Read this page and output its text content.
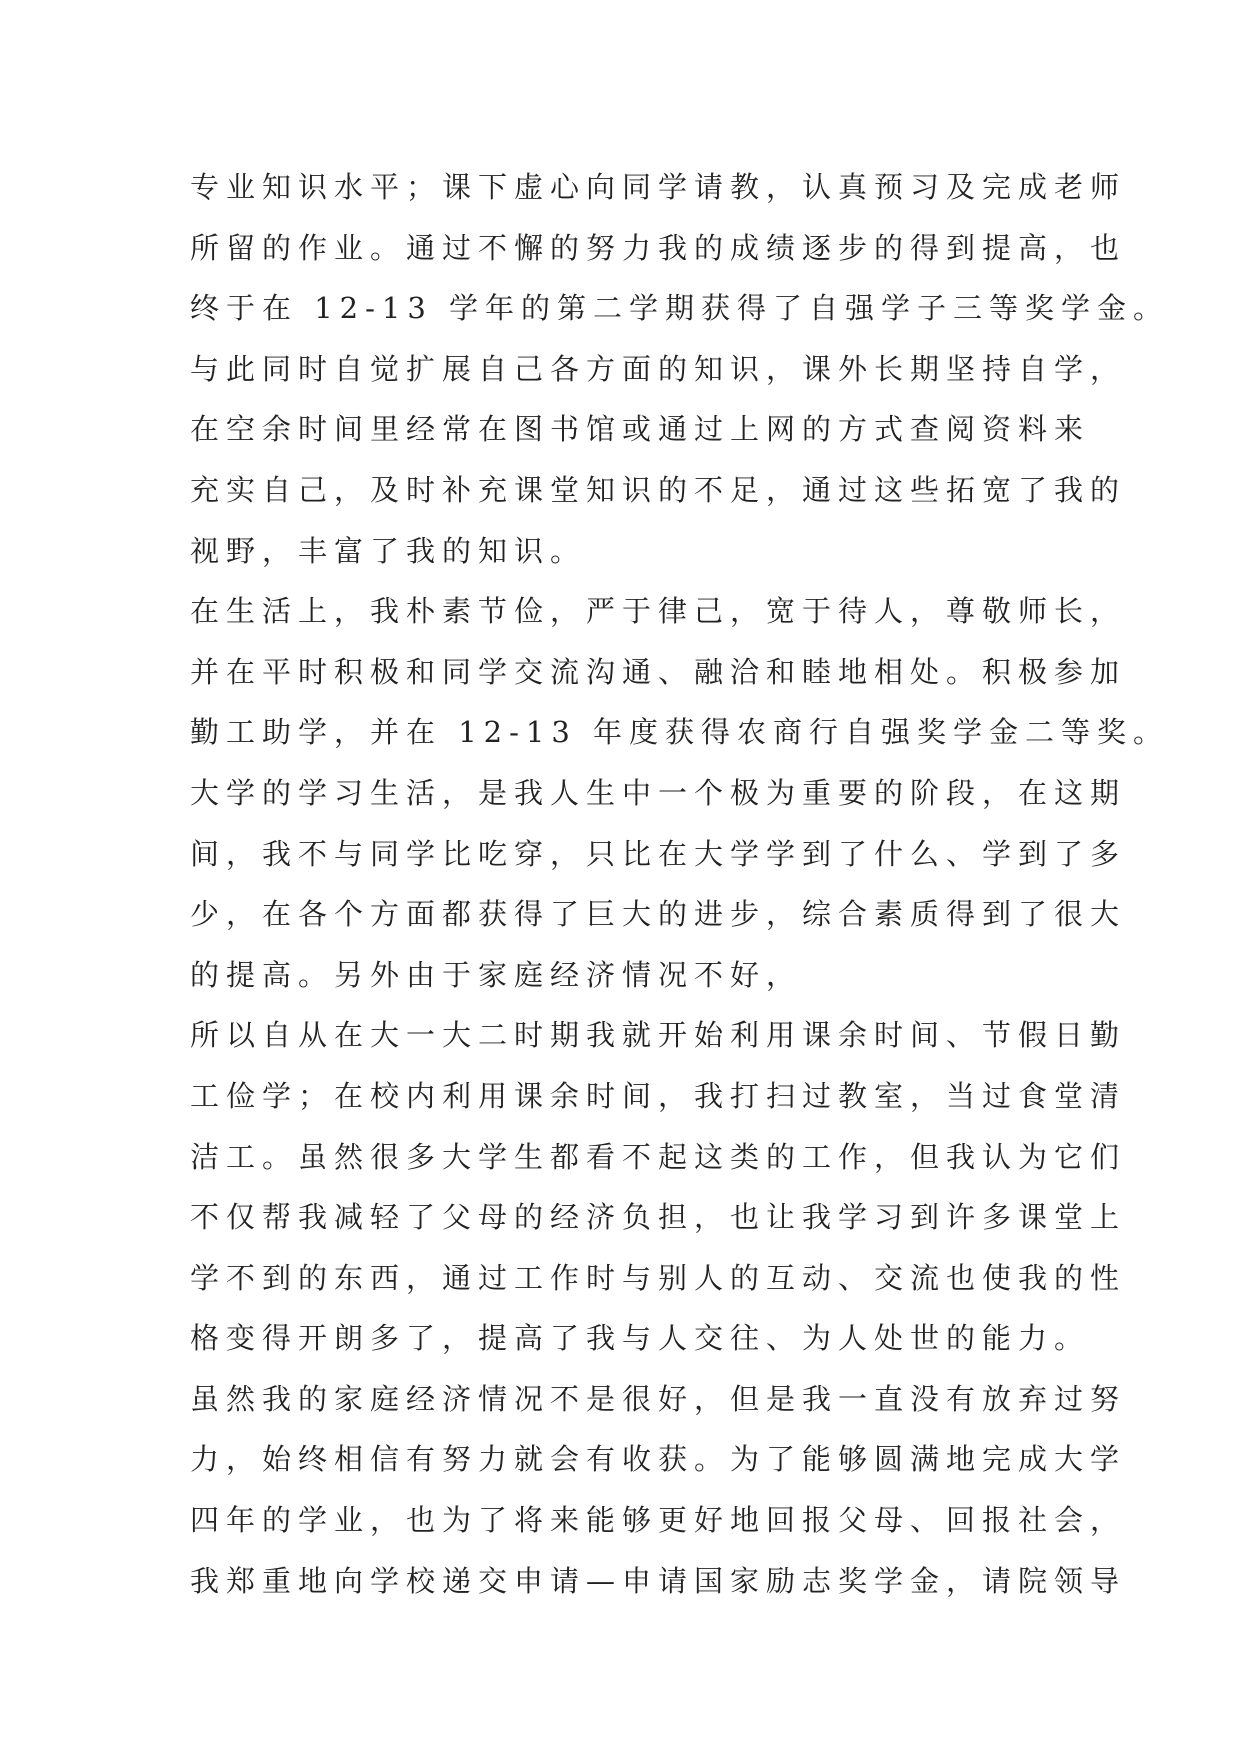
专业知识水平；课下虚心向同学请教，认真预习及完成老师
所留的作业。通过不懈的努力我的成绩逐步的得到提高，也
终于在 12-13 学年的第二学期获得了自强学子三等奖学金。
与此同时自觉扩展自己各方面的知识，课外长期坚持自学，
在空余时间里经常在图书馆或通过上网的方式查阅资料来
充实自己，及时补充课堂知识的不足，通过这些拓宽了我的
视野，丰富了我的知识。
在生活上，我朴素节俭，严于律己，宽于待人，尊敬师长，
并在平时积极和同学交流沟通、融洽和睦地相处。积极参加
勤工助学，并在 12-13 年度获得农商行自强奖学金二等奖。
大学的学习生活，是我人生中一个极为重要的阶段，在这期
间，我不与同学比吃穿，只比在大学学到了什么、学到了多
少，在各个方面都获得了巨大的进步，综合素质得到了很大
的提高。另外由于家庭经济情况不好，
所以自从在大一大二时期我就开始利用课余时间、节假日勤
工俭学；在校内利用课余时间，我打扫过教室，当过食堂清
洁工。虽然很多大学生都看不起这类的工作，但我认为它们
不仅帮我减轻了父母的经济负担，也让我学习到许多课堂上
学不到的东西，通过工作时与别人的互动、交流也使我的性
格变得开朗多了，提高了我与人交往、为人处世的能力。
虽然我的家庭经济情况不是很好，但是我一直没有放弃过努
力，始终相信有努力就会有收获。为了能够圆满地完成大学
四年的学业，也为了将来能够更好地回报父母、回报社会，
我郑重地向学校递交申请—申请国家励志奖学金，请院领导
